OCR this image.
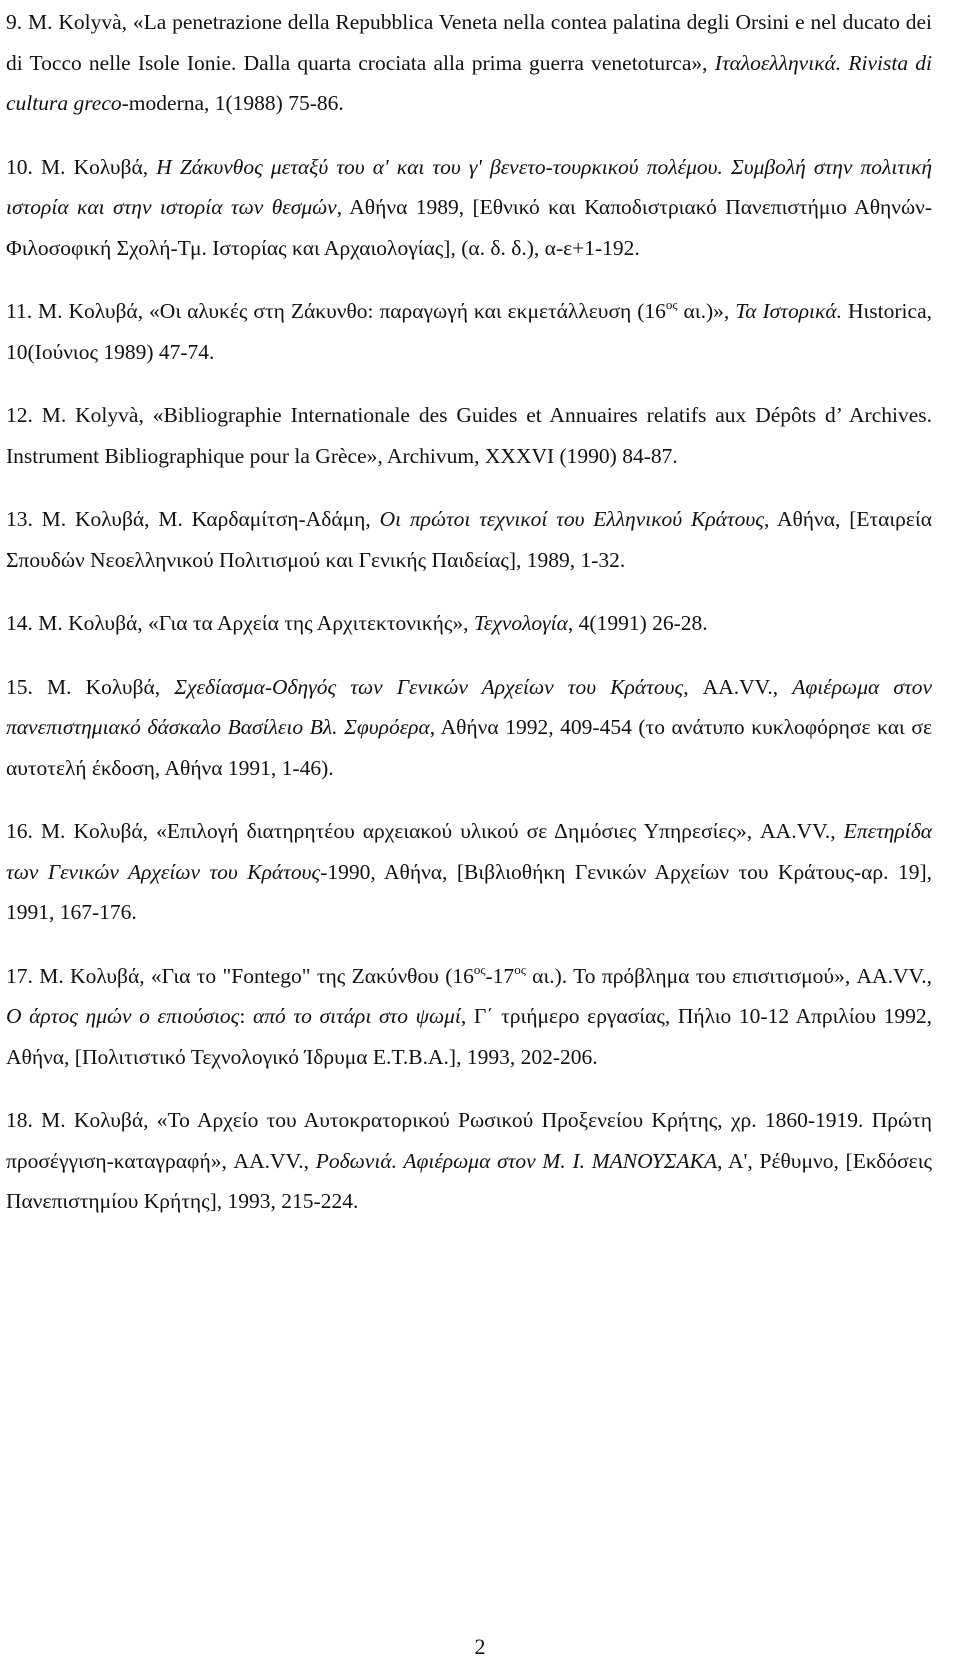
9. M. Kolyvà, «La penetrazione della Repubblica Veneta nella contea palatina degli Orsini e nel ducato dei di Tocco nelle Isole Ionie. Dalla quarta crociata alla prima guerra venetoturca», Ιταλοελληνικά. Rivista di cultura greco-moderna, 1(1988) 75-86.

10. Μ. Κολυβά, Η Ζάκυνθος μεταξύ του α' και του γ' βενετο-τουρκικού πολέμου. Συμβολή στην πολιτική ιστορία και στην ιστορία των θεσμών, Αθήνα 1989, [Εθνικό και Καποδιστριακό Πανεπιστήμιο Αθηνών-Φιλοσοφική Σχολή-Τμ. Ιστορίας και Αρχαιολογίας], (α. δ. δ.), α-ε+1-192.

11. Μ. Κολυβά, «Οι αλυκές στη Ζάκυνθο: παραγωγή και εκμετάλλευση ($16^{o\varsigma}$ αι.)», Τα Ιστορικά. Hιstorica, 10(Ιούνιος 1989) 47-74.

12. M. Kolyvà, «Bibliographie Internationale des Guides et Annuaires relatifs aux Dépôts d’ Archives. Instrument Bibliographique pour la Grèce», Archivum, XXXVI (1990) 84-87.

13. Μ. Κολυβά, Μ. Καρδαμίτση-Αδάμη, Οι πρώτοι τεχνικοί του Ελληνικού Κράτους, Αθήνα, [Εταιρεία Σπουδών Νεοελληνικού Πολιτισμού και Γενικής Παιδείας], 1989, 1-32.

14. Μ. Κολυβά, «Για τα Αρχεία της Αρχιτεκτονικής», Τεχνολογία, 4(1991) 26-28.

15. Μ. Κολυβά, Σχεδίασμα-Οδηγός των Γενικών Αρχείων του Κράτους, AA.VV., Αφιέρωμα στον πανεπιστημιακό δάσκαλο Βασίλειο Βλ. Σφυρόερα, Αθήνα 1992, 409-454 (το ανάτυπο κυκλοφόρησε και σε αυτοτελή έκδοση, Αθήνα 1991, 1-46).

16. Μ. Κολυβά, «Επιλογή διατηρητέου αρχειακού υλικού σε Δημόσιες Υπηρεσίες», AA.VV., Επετηρίδα των Γενικών Αρχείων του Κράτους-1990, Αθήνα, [Βιβλιοθήκη Γενικών Αρχείων του Κράτους-αρ. 19], 1991, 167-176.

17. Μ. Κολυβά, «Για το "Fontego" της Ζακύνθου ($16^{o\varsigma}-17^{o\varsigma}$ αι.). Το πρόβλημα του επισιτισμού», AA.VV., Ο άρτος ημών ο επιούσιος: από το σιτάρι στο ψωμί, Γ΄ τριήμερο εργασίας, Πήλιο 10-12 Απριλίου 1992, Αθήνα, [Πολιτιστικό Τεχνολογικό Ίδρυμα Ε.Τ.Β.Α.], 1993, 202-206.

18. Μ. Κολυβά, «Το Αρχείο του Αυτοκρατορικού Ρωσικού Προξενείου Κρήτης, χρ. 1860-1919. Πρώτη προσέγγιση-καταγραφή», AA.VV., Ροδωνιά. Αφιέρωμα στον Μ. Ι. ΜΑΝΟΥΣΑΚΑ, Α', Ρέθυμνο, [Εκδόσεις Πανεπιστημίου Κρήτης], 1993, 215-224.

2
